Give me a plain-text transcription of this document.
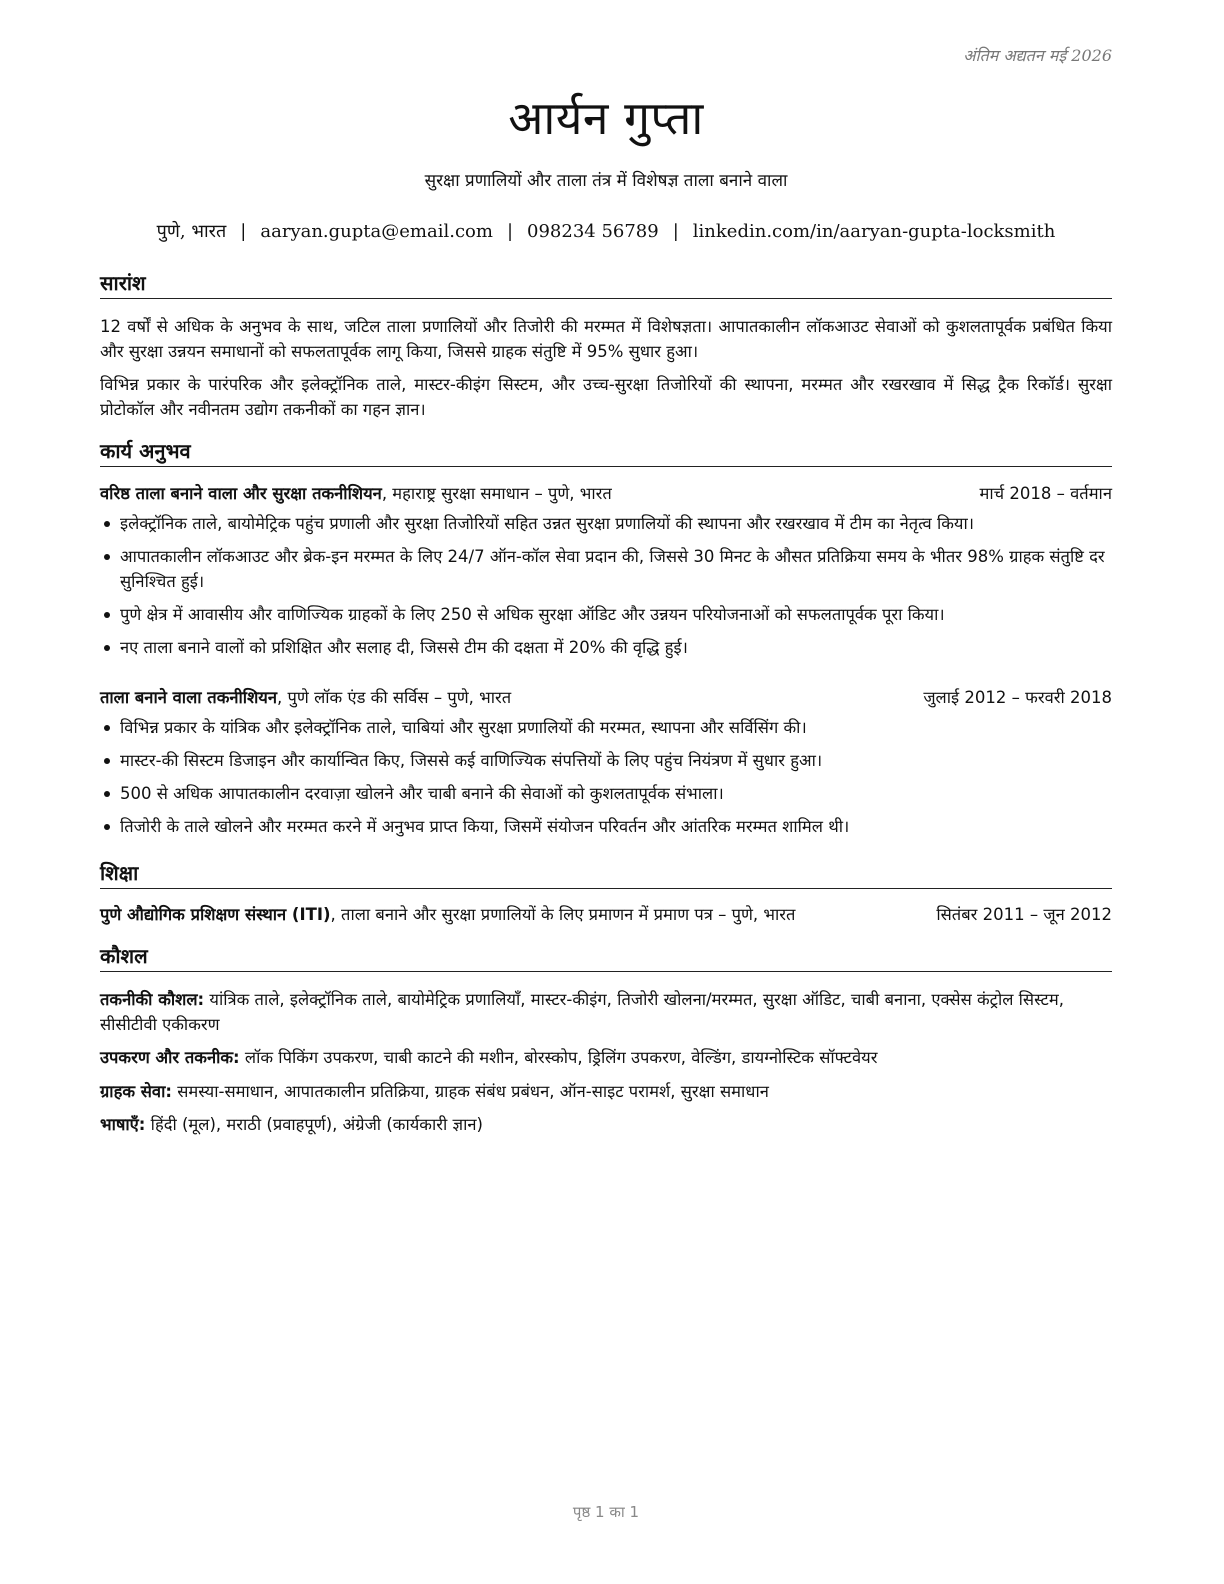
अंतिम अद्यतन मई 2026
आर्यन गुप्ता
सुरक्षा प्रणालियों और ताला तंत्र में विशेषज्ञ ताला बनाने वाला
पुणे, भारत | aaryan.gupta@email.com | 098234 56789 | linkedin.com/in/aaryan-gupta-locksmith
सारांश
12 वर्षों से अधिक के अनुभव के साथ, जटिल ताला प्रणालियों और तिजोरी की मरम्मत में विशेषज्ञता। आपातकालीन लॉकआउट सेवाओं को कुशलतापूर्वक प्रबंधित किया और सुरक्षा उन्नयन समाधानों को सफलतापूर्वक लागू किया, जिससे ग्राहक संतुष्टि में 95% सुधार हुआ।
विभिन्न प्रकार के पारंपरिक और इलेक्ट्रॉनिक ताले, मास्टर-कीइंग सिस्टम, और उच्च-सुरक्षा तिजोरियों की स्थापना, मरम्मत और रखरखाव में सिद्ध ट्रैक रिकॉर्ड। सुरक्षा प्रोटोकॉल और नवीनतम उद्योग तकनीकों का गहन ज्ञान।
कार्य अनुभव
वरिष्ठ ताला बनाने वाला और सुरक्षा तकनीशियन, महाराष्ट्र सुरक्षा समाधान – पुणे, भारत	मार्च 2018 – वर्तमान
इलेक्ट्रॉनिक ताले, बायोमेट्रिक पहुंच प्रणाली और सुरक्षा तिजोरियों सहित उन्नत सुरक्षा प्रणालियों की स्थापना और रखरखाव में टीम का नेतृत्व किया।
आपातकालीन लॉकआउट और ब्रेक-इन मरम्मत के लिए 24/7 ऑन-कॉल सेवा प्रदान की, जिससे 30 मिनट के औसत प्रतिक्रिया समय के भीतर 98% ग्राहक संतुष्टि दर सुनिश्चित हुई।
पुणे क्षेत्र में आवासीय और वाणिज्यिक ग्राहकों के लिए 250 से अधिक सुरक्षा ऑडिट और उन्नयन परियोजनाओं को सफलतापूर्वक पूरा किया।
नए ताला बनाने वालों को प्रशिक्षित और सलाह दी, जिससे टीम की दक्षता में 20% की वृद्धि हुई।
ताला बनाने वाला तकनीशियन, पुणे लॉक एंड की सर्विस – पुणे, भारत	जुलाई 2012 – फरवरी 2018
विभिन्न प्रकार के यांत्रिक और इलेक्ट्रॉनिक ताले, चाबियां और सुरक्षा प्रणालियों की मरम्मत, स्थापना और सर्विसिंग की।
मास्टर-की सिस्टम डिजाइन और कार्यान्वित किए, जिससे कई वाणिज्यिक संपत्तियों के लिए पहुंच नियंत्रण में सुधार हुआ।
500 से अधिक आपातकालीन दरवाज़ा खोलने और चाबी बनाने की सेवाओं को कुशलतापूर्वक संभाला।
तिजोरी के ताले खोलने और मरम्मत करने में अनुभव प्राप्त किया, जिसमें संयोजन परिवर्तन और आंतरिक मरम्मत शामिल थी।
शिक्षा
पुणे औद्योगिक प्रशिक्षण संस्थान (ITI), ताला बनाने और सुरक्षा प्रणालियों के लिए प्रमाणन में प्रमाण पत्र – पुणे, भारत	सितंबर 2011 – जून 2012
कौशल
तकनीकी कौशल: यांत्रिक ताले, इलेक्ट्रॉनिक ताले, बायोमेट्रिक प्रणालियाँ, मास्टर-कीइंग, तिजोरी खोलना/मरम्मत, सुरक्षा ऑडिट, चाबी बनाना, एक्सेस कंट्रोल सिस्टम, सीसीटीवी एकीकरण
उपकरण और तकनीक: लॉक पिकिंग उपकरण, चाबी काटने की मशीन, बोरस्कोप, ड्रिलिंग उपकरण, वेल्डिंग, डायग्नोस्टिक सॉफ्टवेयर
ग्राहक सेवा: समस्या-समाधान, आपातकालीन प्रतिक्रिया, ग्राहक संबंध प्रबंधन, ऑन-साइट परामर्श, सुरक्षा समाधान
भाषाएँ: हिंदी (मूल), मराठी (प्रवाहपूर्ण), अंग्रेजी (कार्यकारी ज्ञान)
पृष्ठ 1 का 1
